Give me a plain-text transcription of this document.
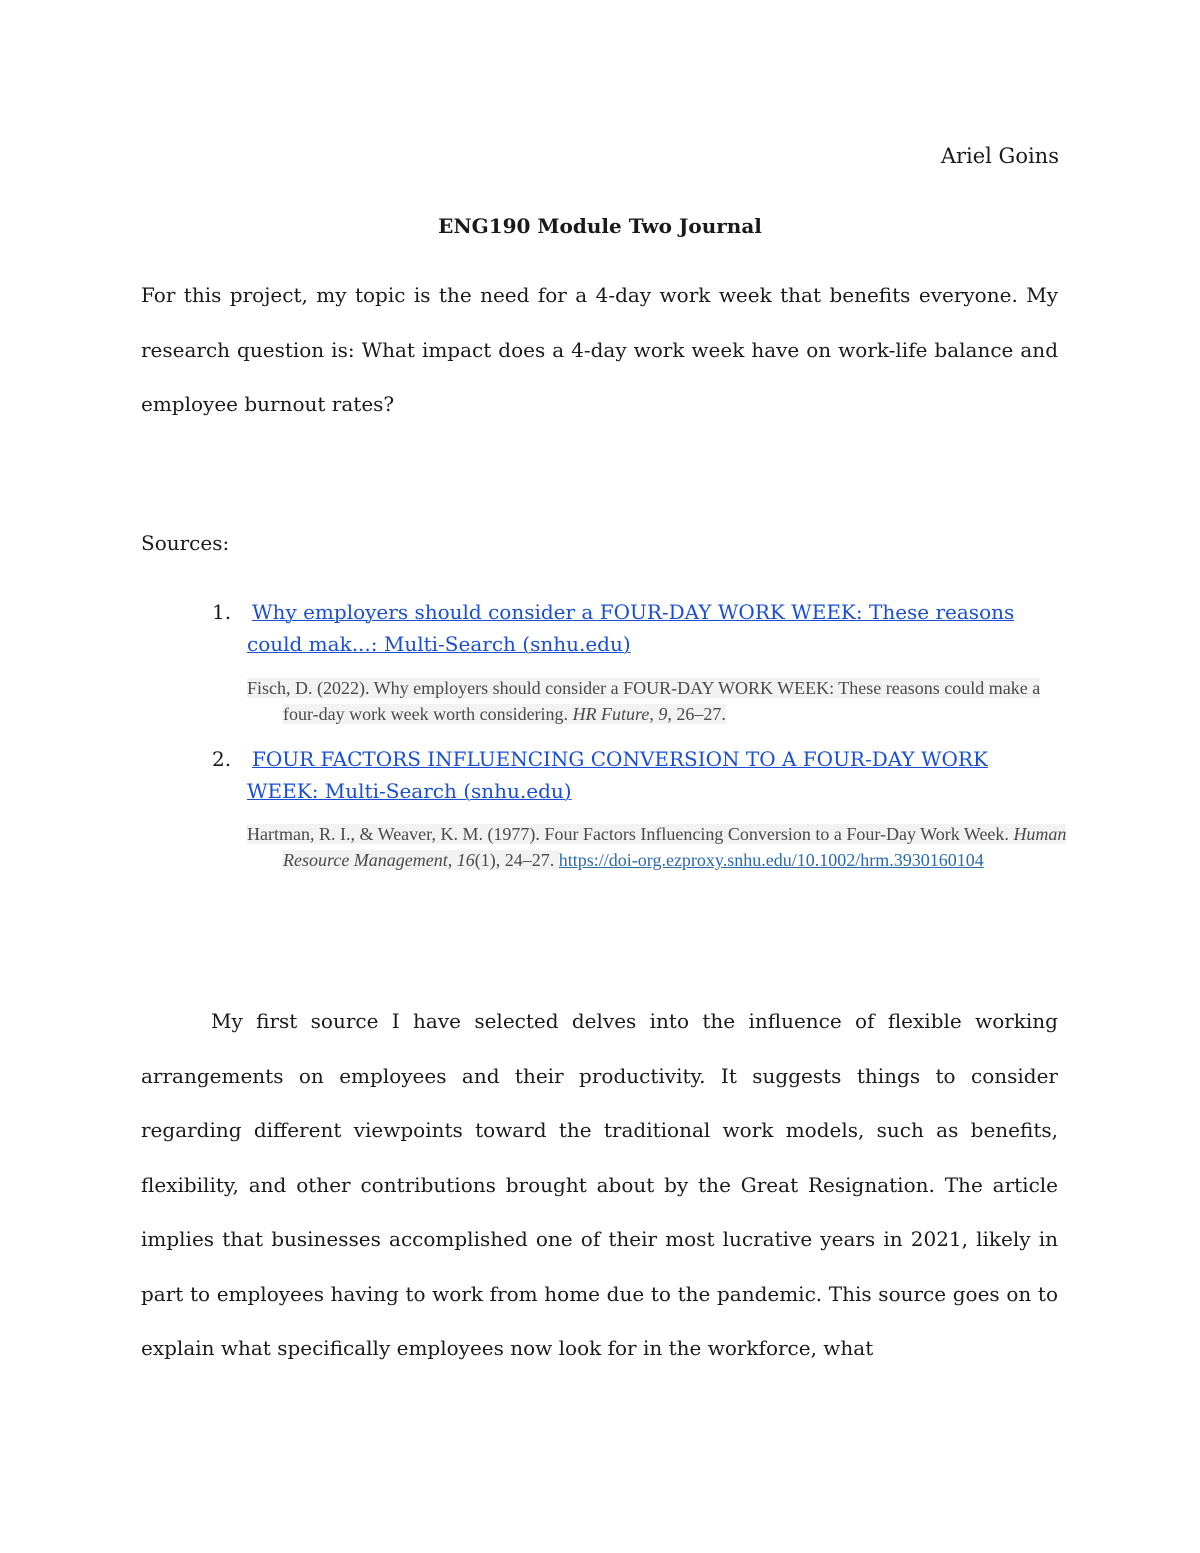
Ariel Goins
ENG190 Module Two Journal

For this project, my topic is the need for a 4-day work week that benefits everyone. My research question is: What impact does a 4-day work week have on work-life balance and employee burnout rates?

Sources:
1.	Why employers should consider a FOUR-DAY WORK WEEK: These reasons could mak...: Multi-Search (snhu.edu)
Fisch, D. (2022). Why employers should consider a FOUR-DAY WORK WEEK: These reasons could make a four-day work week worth considering. HR Future, 9, 26–27.
2.	FOUR FACTORS INFLUENCING CONVERSION TO A FOUR-DAY WORK WEEK: Multi-Search (snhu.edu)
Hartman, R. I., & Weaver, K. M. (1977). Four Factors Influencing Conversion to a Four-Day Work Week. Human Resource Management, 16(1), 24–27. https://doi-org.ezproxy.snhu.edu/10.1002/hrm.3930160104

My first source I have selected delves into the influence of flexible working arrangements on employees and their productivity. It suggests things to consider regarding different viewpoints toward the traditional work models, such as benefits, flexibility, and other contributions brought about by the Great Resignation. The article implies that businesses accomplished one of their most lucrative years in 2021, likely in part to employees having to work from home due to the pandemic. This source goes on to explain what specifically employees now look for in the workforce, what
